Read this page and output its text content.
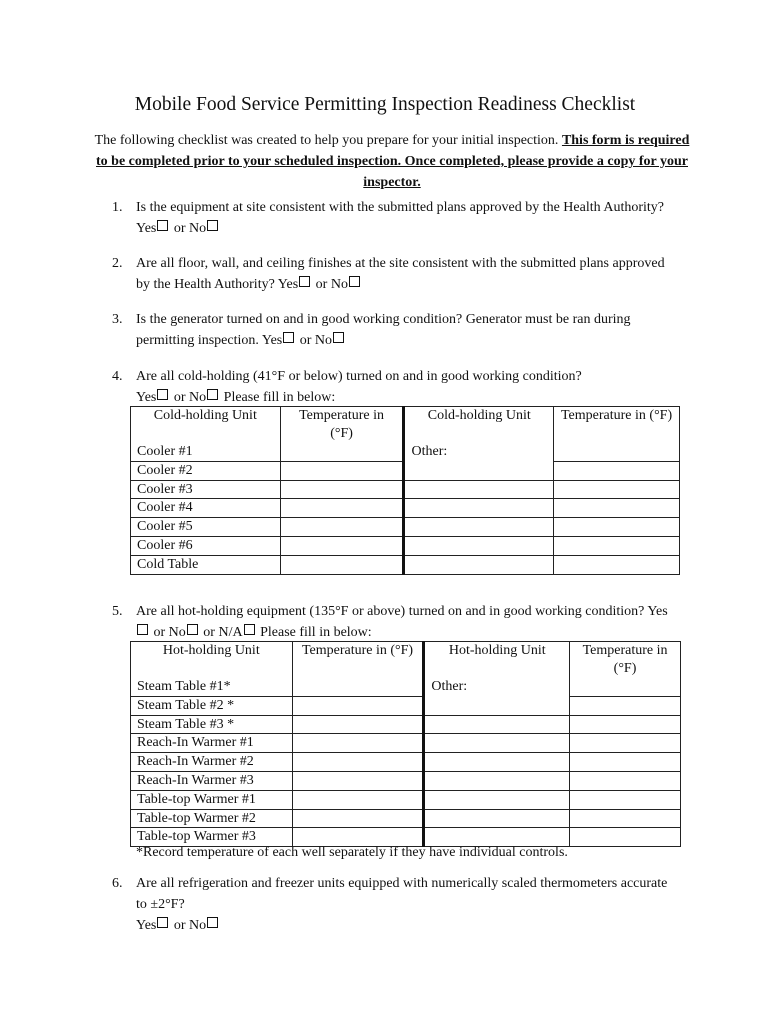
Mobile Food Service Permitting Inspection Readiness Checklist
The following checklist was created to help you prepare for your initial inspection. This form is required to be completed prior to your scheduled inspection. Once completed, please provide a copy for your inspector.
1. Is the equipment at site consistent with the submitted plans approved by the Health Authority? Yes or No
2. Are all floor, wall, and ceiling finishes at the site consistent with the submitted plans approved by the Health Authority? Yes or No
3. Is the generator turned on and in good working condition? Generator must be ran during permitting inspection. Yes or No
4. Are all cold-holding (41°F or below) turned on and in good working condition?
Yes or No Please fill in below:
Cold-holding Unit	Temperature in (°F)	Cold-holding Unit	Temperature in (°F)
Cooler #1		Other:	
Cooler #2			
Cooler #3			
Cooler #4			
Cooler #5			
Cooler #6			
Cold Table			
5. Are all hot-holding equipment (135°F or above) turned on and in good working condition? Yes or No or N/A Please fill in below:
Hot-holding Unit	Temperature in (°F)	Hot-holding Unit	Temperature in (°F)
Steam Table #1*		Other:	
Steam Table #2 *			
Steam Table #3 *			
Reach-In Warmer #1			
Reach-In Warmer #2			
Reach-In Warmer #3			
Table-top Warmer #1			
Table-top Warmer #2			
Table-top Warmer #3			
*Record temperature of each well separately if they have individual controls.
6. Are all refrigeration and freezer units equipped with numerically scaled thermometers accurate to ±2°F?
Yes or No
